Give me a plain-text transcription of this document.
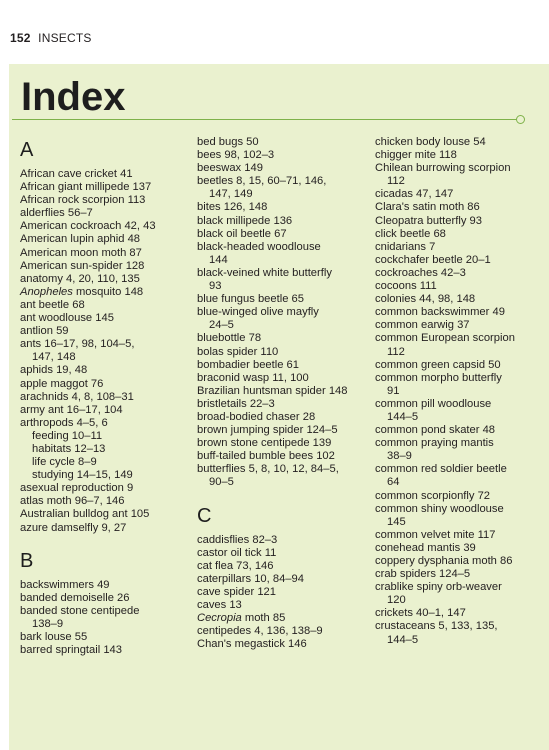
152 INSECTS
Index
A
African cave cricket 41
African giant millipede 137
African rock scorpion 113
alderflies 56–7
American cockroach 42, 43
American lupin aphid 48
American moon moth 87
American sun-spider 128
anatomy 4, 20, 110, 135
Anopheles mosquito 148
ant beetle 68
ant woodlouse 145
antlion 59
ants 16–17, 98, 104–5,
147, 148
aphids 19, 48
apple maggot 76
arachnids 4, 8, 108–31
army ant 16–17, 104
arthropods 4–5, 6
feeding 10–11
habitats 12–13
life cycle 8–9
studying 14–15, 149
asexual reproduction 9
atlas moth 96–7, 146
Australian bulldog ant 105
azure damselfly 9, 27
B
backswimmers 49
banded demoiselle 26
banded stone centipede
138–9
bark louse 55
barred springtail 143
bed bugs 50
bees 98, 102–3
beeswax 149
beetles 8, 15, 60–71, 146,
147, 149
bites 126, 148
black millipede 136
black oil beetle 67
black-headed woodlouse
144
black-veined white butterfly
93
blue fungus beetle 65
blue-winged olive mayfly
24–5
bluebottle 78
bolas spider 110
bombadier beetle 61
braconid wasp 11, 100
Brazilian huntsman spider 148
bristletails 22–3
broad-bodied chaser 28
brown jumping spider 124–5
brown stone centipede 139
buff-tailed bumble bees 102
butterflies 5, 8, 10, 12, 84–5,
90–5
C
caddisflies 82–3
castor oil tick 11
cat flea 73, 146
caterpillars 10, 84–94
cave spider 121
caves 13
Cecropia moth 85
centipedes 4, 136, 138–9
Chan's megastick 146
chicken body louse 54
chigger mite 118
Chilean burrowing scorpion
112
cicadas 47, 147
Clara's satin moth 86
Cleopatra butterfly 93
click beetle 68
cnidarians 7
cockchafer beetle 20–1
cockroaches 42–3
cocoons 111
colonies 44, 98, 148
common backswimmer 49
common earwig 37
common European scorpion
112
common green capsid 50
common morpho butterfly
91
common pill woodlouse
144–5
common pond skater 48
common praying mantis
38–9
common red soldier beetle
64
common scorpionfly 72
common shiny woodlouse
145
common velvet mite 117
conehead mantis 39
coppery dysphania moth 86
crab spiders 124–5
crablike spiny orb-weaver
120
crickets 40–1, 147
crustaceans 5, 133, 135,
144–5
